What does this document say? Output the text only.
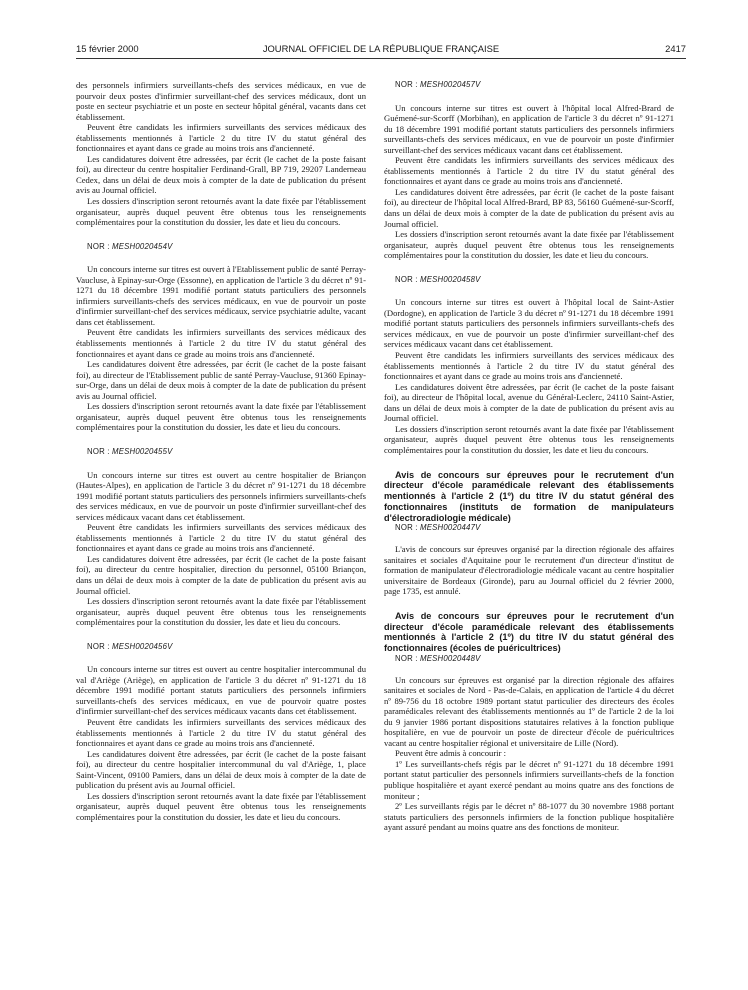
15 février 2000	JOURNAL OFFICIEL DE LA RÉPUBLIQUE FRANÇAISE	2417

des personnels infirmiers surveillants-chefs des services médicaux, en vue de pourvoir deux postes d'infirmier surveillant-chef des services médicaux, dont un poste en secteur psychiatrie et un poste en secteur hôpital général, vacants dans cet établissement.

Peuvent être candidats les infirmiers surveillants des services médicaux des établissements mentionnés à l'article 2 du titre IV du statut général des fonctionnaires et ayant dans ce grade au moins trois ans d'ancienneté.

Les candidatures doivent être adressées, par écrit (le cachet de la poste faisant foi), au directeur du centre hospitalier Ferdinand-Grall, BP 719, 29207 Landerneau Cedex, dans un délai de deux mois à compter de la date de publication du présent avis au Journal officiel.

Les dossiers d'inscription seront retournés avant la date fixée par l'établissement organisateur, auprès duquel peuvent être obtenus tous les renseignements complémentaires pour la constitution du dossier, les date et lieu du concours.

NOR : MESH0020454V

Un concours interne sur titres est ouvert à l'Etablissement public de santé Perray-Vaucluse, à Epinay-sur-Orge (Essonne), en application de l'article 3 du décret nº 91-1271 du 18 décembre 1991 modifié portant statuts particuliers des personnels infirmiers surveillants-chefs des services médicaux, en vue de pourvoir un poste d'infirmier surveillant-chef des services médicaux, service psychiatrie adulte, vacant dans cet établissement.

Peuvent être candidats les infirmiers surveillants des services médicaux des établissements mentionnés à l'article 2 du titre IV du statut général des fonctionnaires et ayant dans ce grade au moins trois ans d'ancienneté.

Les candidatures doivent être adressées, par écrit (le cachet de la poste faisant foi), au directeur de l'Etablissement public de santé Perray-Vaucluse, 91360 Epinay-sur-Orge, dans un délai de deux mois à compter de la date de publication du présent avis au Journal officiel.

Les dossiers d'inscription seront retournés avant la date fixée par l'établissement organisateur, auprès duquel peuvent être obtenus tous les renseignements complémentaires pour la constitution du dossier, les date et lieu du concours.

NOR : MESH0020455V

Un concours interne sur titres est ouvert au centre hospitalier de Briançon (Hautes-Alpes), en application de l'article 3 du décret nº 91-1271 du 18 décembre 1991 modifié portant statuts particuliers des personnels infirmiers surveillants-chefs des services médicaux, en vue de pourvoir un poste d'infirmier surveillant-chef des services médicaux vacant dans cet établissement.

Peuvent être candidats les infirmiers surveillants des services médicaux des établissements mentionnés à l'article 2 du titre IV du statut général des fonctionnaires et ayant dans ce grade au moins trois ans d'ancienneté.

Les candidatures doivent être adressées, par écrit (le cachet de la poste faisant foi), au directeur du centre hospitalier, direction du personnel, 05100 Briançon, dans un délai de deux mois à compter de la date de publication du présent avis au Journal officiel.

Les dossiers d'inscription seront retournés avant la date fixée par l'établissement organisateur, auprès duquel peuvent être obtenus tous les renseignements complémentaires pour la constitution du dossier, les date et lieu du concours.

NOR : MESH0020456V

Un concours interne sur titres est ouvert au centre hospitalier intercommunal du val d'Ariège (Ariège), en application de l'article 3 du décret nº 91-1271 du 18 décembre 1991 modifié portant statuts particuliers des personnels infirmiers surveillants-chefs des services médicaux, en vue de pourvoir quatre postes d'infirmier surveillant-chef des services médicaux vacants dans cet établissement.

Peuvent être candidats les infirmiers surveillants des services médicaux des établissements mentionnés à l'article 2 du titre IV du statut général des fonctionnaires et ayant dans ce grade au moins trois ans d'ancienneté.

Les candidatures doivent être adressées, par écrit (le cachet de la poste faisant foi), au directeur du centre hospitalier intercommunal du val d'Ariège, 1, place Saint-Vincent, 09100 Pamiers, dans un délai de deux mois à compter de la date de publication du présent avis au Journal officiel.

Les dossiers d'inscription seront retournés avant la date fixée par l'établissement organisateur, auprès duquel peuvent être obtenus tous les renseignements complémentaires pour la constitution du dossier, les date et lieu du concours.

NOR : MESH0020457V

Un concours interne sur titres est ouvert à l'hôpital local Alfred-Brard de Guémené-sur-Scorff (Morbihan), en application de l'article 3 du décret nº 91-1271 du 18 décembre 1991 modifié portant statuts particuliers des personnels infirmiers surveillants-chefs des services médicaux, en vue de pourvoir un poste d'infirmier surveillant-chef des services médicaux vacant dans cet établissement.

Peuvent être candidats les infirmiers surveillants des services médicaux des établissements mentionnés à l'article 2 du titre IV du statut général des fonctionnaires et ayant dans ce grade au moins trois ans d'ancienneté.

Les candidatures doivent être adressées, par écrit (le cachet de la poste faisant foi), au directeur de l'hôpital local Alfred-Brard, BP 83, 56160 Guémené-sur-Scorff, dans un délai de deux mois à compter de la date de publication du présent avis au Journal officiel.

Les dossiers d'inscription seront retournés avant la date fixée par l'établissement organisateur, auprès duquel peuvent être obtenus tous les renseignements complémentaires pour la constitution du dossier, les date et lieu du concours.

NOR : MESH0020458V

Un concours interne sur titres est ouvert à l'hôpital local de Saint-Astier (Dordogne), en application de l'article 3 du décret nº 91-1271 du 18 décembre 1991 modifié portant statuts particuliers des personnels infirmiers surveillants-chefs des services médicaux, en vue de pourvoir un poste d'infirmier surveillant-chef des services médicaux vacant dans cet établissement.

Peuvent être candidats les infirmiers surveillants des services médicaux des établissements mentionnés à l'article 2 du titre IV du statut général des fonctionnaires et ayant dans ce grade au moins trois ans d'ancienneté.

Les candidatures doivent être adressées, par écrit (le cachet de la poste faisant foi), au directeur de l'hôpital local, avenue du Général-Leclerc, 24110 Saint-Astier, dans un délai de deux mois à compter de la date de publication du présent avis au Journal officiel.

Les dossiers d'inscription seront retournés avant la date fixée par l'établissement organisateur, auprès duquel peuvent être obtenus tous les renseignements complémentaires pour la constitution du dossier, les date et lieu du concours.

Avis de concours sur épreuves pour le recrutement d'un directeur d'école paramédicale relevant des établissements mentionnés à l'article 2 (1º) du titre IV du statut général des fonctionnaires (instituts de formation de manipulateurs d'électroradiologie médicale)

NOR : MESH0020447V

L'avis de concours sur épreuves organisé par la direction régionale des affaires sanitaires et sociales d'Aquitaine pour le recrutement d'un directeur d'institut de formation de manipulateur d'électroradiologie médicale vacant au centre hospitalier universitaire de Bordeaux (Gironde), paru au Journal officiel du 2 février 2000, page 1735, est annulé.

Avis de concours sur épreuves pour le recrutement d'un directeur d'école paramédicale relevant des établissements mentionnés à l'article 2 (1º) du titre IV du statut général des fonctionnaires (écoles de puéricultrices)

NOR : MESH0020448V

Un concours sur épreuves est organisé par la direction régionale des affaires sanitaires et sociales de Nord - Pas-de-Calais, en application de l'article 4 du décret nº 89-756 du 18 octobre 1989 portant statut particulier des directeurs des écoles paramédicales relevant des établissements mentionnés au 1º de l'article 2 de la loi du 9 janvier 1986 portant dispositions statutaires relatives à la fonction publique hospitalière, en vue de pourvoir un poste de directeur d'école de puéricultrices vacant au centre hospitalier régional et universitaire de Lille (Nord).

Peuvent être admis à concourir :

1º Les surveillants-chefs régis par le décret nº 91-1271 du 18 décembre 1991 portant statut particulier des personnels infirmiers surveillants-chefs de la fonction publique hospitalière et ayant exercé pendant au moins quatre ans des fonctions de moniteur ;

2º Les surveillants régis par le décret nº 88-1077 du 30 novembre 1988 portant statuts particuliers des personnels infirmiers de la fonction publique hospitalière ayant assuré pendant au moins quatre ans des fonctions de moniteur.
